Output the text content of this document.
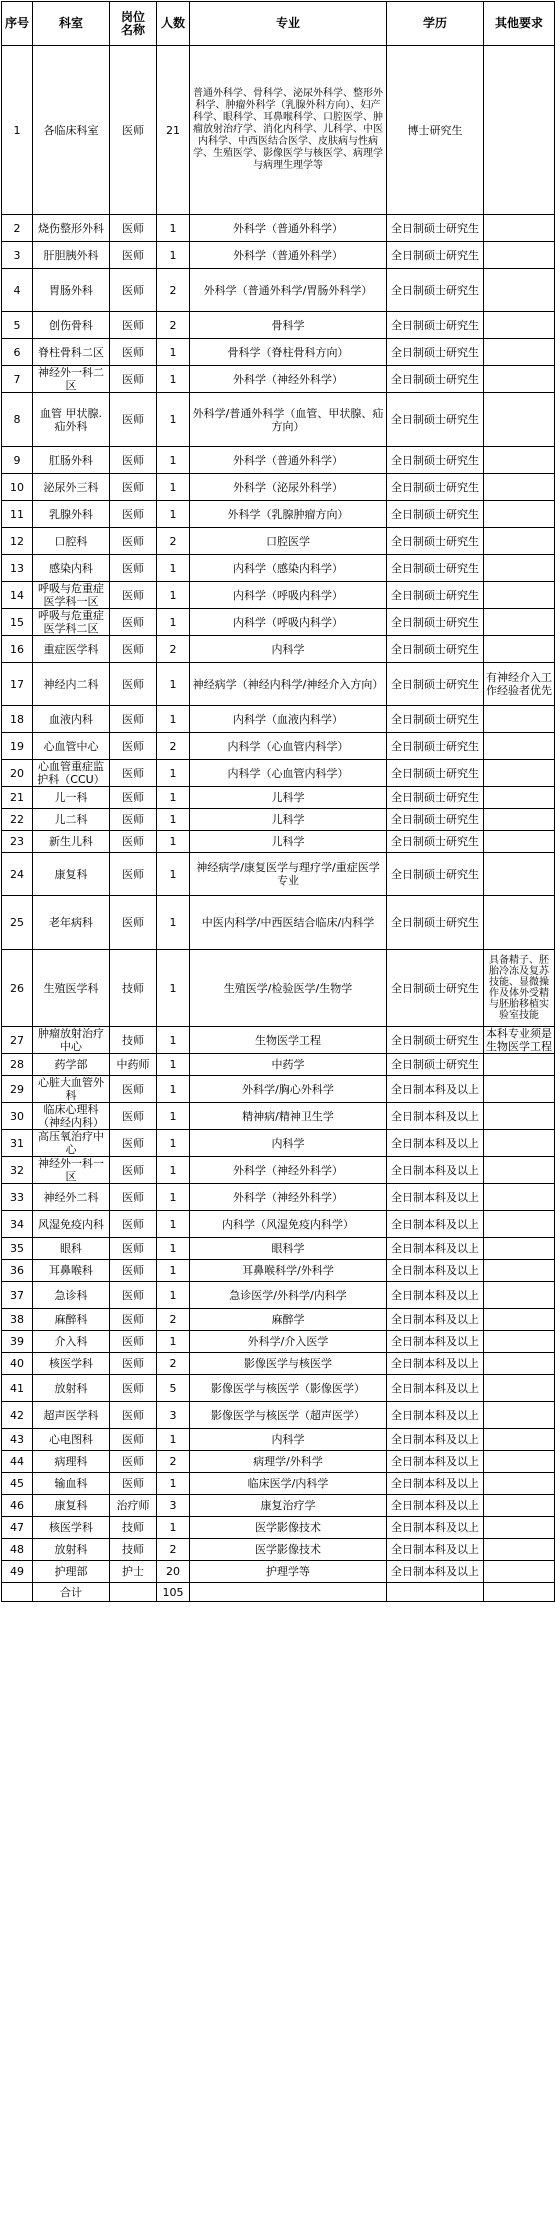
序号	科室	岗位名称	人数	专业	学历	其他要求
1	各临床科室	医师	21	普通外科学、骨科学、泌尿外科学、整形外科学、肿瘤外科学（乳腺外科方向）、妇产科学、眼科学、耳鼻喉科学、口腔医学、肿瘤放射治疗学、消化内科学、儿科学、中医内科学、中西医结合医学、皮肤病与性病学、生殖医学、影像医学与核医学、病理学与病理生理学等	博士研究生	
2	烧伤整形外科	医师	1	外科学（普通外科学）	全日制硕士研究生	
3	肝胆胰外科	医师	1	外科学（普通外科学）	全日制硕士研究生	
4	胃肠外科	医师	2	外科学（普通外科学/胃肠外科学）	全日制硕士研究生	
5	创伤骨科	医师	2	骨科学	全日制硕士研究生	
6	脊柱骨科二区	医师	1	骨科学（脊柱骨科方向）	全日制硕士研究生	
7	神经外一科二区	医师	1	外科学（神经外科学）	全日制硕士研究生	
8	血管 甲状腺.疝外科	医师	1	外科学/普通外科学（血管、甲状腺、疝方向）	全日制硕士研究生	
9	肛肠外科	医师	1	外科学（普通外科学）	全日制硕士研究生	
10	泌尿外三科	医师	1	外科学（泌尿外科学）	全日制硕士研究生	
11	乳腺外科	医师	1	外科学（乳腺肿瘤方向）	全日制硕士研究生	
12	口腔科	医师	2	口腔医学	全日制硕士研究生	
13	感染内科	医师	1	内科学（感染内科学）	全日制硕士研究生	
14	呼吸与危重症医学科一区	医师	1	内科学（呼吸内科学）	全日制硕士研究生	
15	呼吸与危重症医学科二区	医师	1	内科学（呼吸内科学）	全日制硕士研究生	
16	重症医学科	医师	2	内科学	全日制硕士研究生	
17	神经内二科	医师	1	神经病学（神经内科学/神经介入方向）	全日制硕士研究生	有神经介入工作经验者优先
18	血液内科	医师	1	内科学（血液内科学）	全日制硕士研究生	
19	心血管中心	医师	2	内科学（心血管内科学）	全日制硕士研究生	
20	心血管重症监护科（CCU）	医师	1	内科学（心血管内科学）	全日制硕士研究生	
21	儿一科	医师	1	儿科学	全日制硕士研究生	
22	儿二科	医师	1	儿科学	全日制硕士研究生	
23	新生儿科	医师	1	儿科学	全日制硕士研究生	
24	康复科	医师	1	神经病学/康复医学与理疗学/重症医学专业	全日制硕士研究生	
25	老年病科	医师	1	中医内科学/中西医结合临床/内科学	全日制硕士研究生	
26	生殖医学科	技师	1	生殖医学/检验医学/生物学	全日制硕士研究生	具备精子、胚胎冷冻及复苏技能、显微操作及体外受精与胚胎移植实验室技能
27	肿瘤放射治疗中心	技师	1	生物医学工程	全日制硕士研究生	本科专业须是生物医学工程
28	药学部	中药师	1	中药学	全日制硕士研究生	
29	心脏大血管外科	医师	1	外科学/胸心外科学	全日制本科及以上	
30	临床心理科（神经内科）	医师	1	精神病/精神卫生学	全日制本科及以上	
31	高压氧治疗中心	医师	1	内科学	全日制本科及以上	
32	神经外一科一区	医师	1	外科学（神经外科学）	全日制本科及以上	
33	神经外二科	医师	1	外科学（神经外科学）	全日制本科及以上	
34	风湿免疫内科	医师	1	内科学（风湿免疫内科学）	全日制本科及以上	
35	眼科	医师	1	眼科学	全日制本科及以上	
36	耳鼻喉科	医师	1	耳鼻喉科学/外科学	全日制本科及以上	
37	急诊科	医师	1	急诊医学/外科学/内科学	全日制本科及以上	
38	麻醉科	医师	2	麻醉学	全日制本科及以上	
39	介入科	医师	1	外科学/介入医学	全日制本科及以上	
40	核医学科	医师	2	影像医学与核医学	全日制本科及以上	
41	放射科	医师	5	影像医学与核医学（影像医学）	全日制本科及以上	
42	超声医学科	医师	3	影像医学与核医学（超声医学）	全日制本科及以上	
43	心电图科	医师	1	内科学	全日制本科及以上	
44	病理科	医师	2	病理学/外科学	全日制本科及以上	
45	输血科	医师	1	临床医学/内科学	全日制本科及以上	
46	康复科	治疗师	3	康复治疗学	全日制本科及以上	
47	核医学科	技师	1	医学影像技术	全日制本科及以上	
48	放射科	技师	2	医学影像技术	全日制本科及以上	
49	护理部	护士	20	护理学等	全日制本科及以上	
	合计		105			
